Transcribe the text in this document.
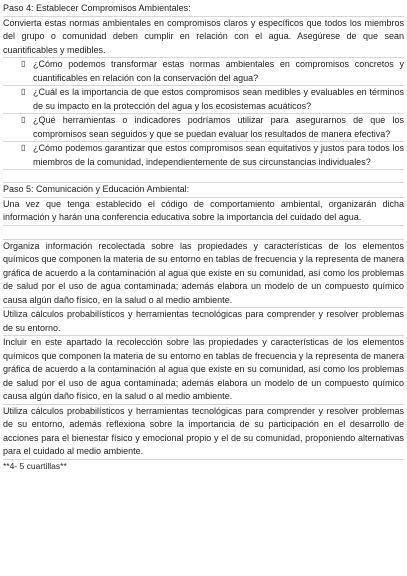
Paso 4: Establecer Compromisos Ambientales:

Convierta estas normas ambientales en compromisos claros y específicos que todos los miembros del grupo o comunidad deben cumplir en relación con el agua. Asegúrese de que sean cuantificables y medibles.

▯ ¿Cómo podemos transformar estas normas ambientales en compromisos concretos y cuantificables en relación con la conservación del agua?
▯ ¿Cuál es la importancia de que estos compromisos sean medibles y evaluables en términos de su impacto en la protección del agua y los ecosistemas acuáticos?
▯ ¿Qué herramientas o indicadores podríamos utilizar para asegurarnos de que los compromisos sean seguidos y que se puedan evaluar los resultados de manera efectiva?
▯ ¿Cómo podemos garantizar que estos compromisos sean equitativos y justos para todos los miembros de la comunidad, independientemente de sus circunstancias individuales?
Paso 5: Comunicación y Educación Ambiental:

Una vez que tenga establecido el código de comportamiento ambiental, organizarán dicha información y harán una conferencia educativa sobre la importancia del cuidado del agua.

Organiza información recolectada sobre las propiedades y características de los elementos químicos que componen la materia de su entorno en tablas de frecuencia y la representa de manera gráfica de acuerdo a la contaminación al agua que existe en su comunidad, así como los problemas de salud por el uso de agua contaminada; además elabora un modelo de un compuesto químico causa algún daño físico, en la salud o al medio ambiente.

Utiliza cálculos probabilísticos y herramientas tecnológicas para comprender y resolver problemas de su entorno.

Incluir en este apartado la recolección sobre las propiedades y características de los elementos químicos que componen la materia de su entorno en tablas de frecuencia y la representa de manera gráfica de acuerdo a la contaminación al agua que existe en su comunidad, así como los problemas de salud por el uso de agua contaminada; además elabora un modelo de un compuesto químico causa algún daño físico, en la salud o al medio ambiente.

Utiliza cálculos probabilísticos y herramientas tecnológicas para comprender y resolver problemas de su entorno, además reflexiona sobre la importancia de su participación en el desarrollo de acciones para el bienestar físico y emocional propio y el de su comunidad, proponiendo alternativas para el cuidado al medio ambiente.

**4- 5 cuartillas**
